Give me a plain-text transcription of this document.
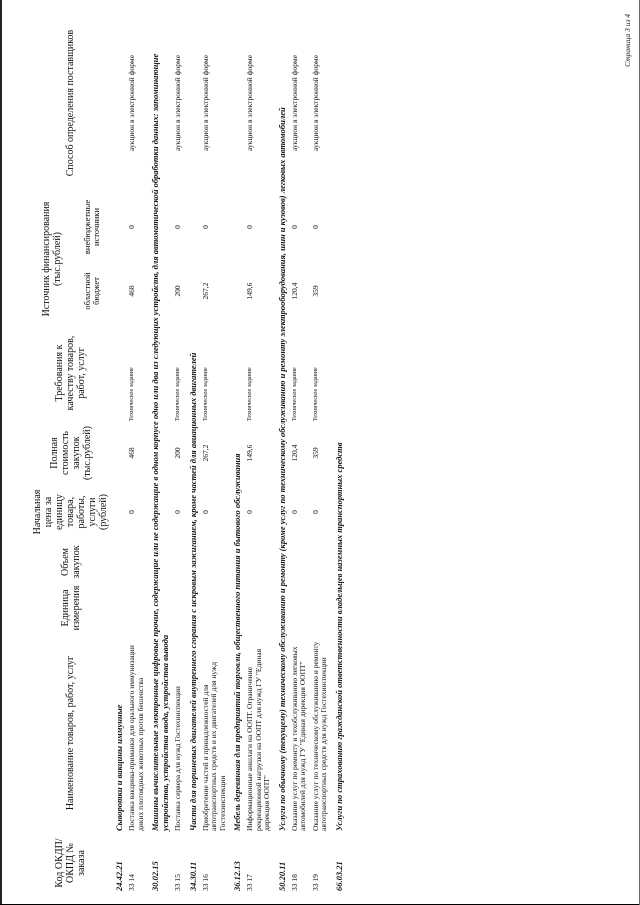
Код ОКДП/ ОКПД № заказа	Наименование товаров, работ, услуг	Единица измерения	Объем закупок	Начальная цена за единицу товара, работы, услуги (рублей)	Полная стоимость закупок (тыс.рублей)	Требования к качеству товаров, работ, услуг	Источник финансирования (тыс.рублей)		Способ определения поставщиков
							областной бюджет	внебюджетные источники	
24.42.21	Сыворотки и вакцины иммунные								
33 14	Поставка вакцины-приманки для орального иммунизации диких плотоядных животных против бешенства			0	468	Техническое задание	468	0	аукцион в электронной форме
30.02.15	Машины вычислительные электронные цифровые прочие, содержащие или не содержащие в одном корпусе одно или два из следующих устройств, для автоматической обработки данных: запоминающие устройства, устройства ввода, устройства вывода								
33 15	Поставка сервера для нужд Гостехинспекции			0	200	Техническое задание	200	0	аукцион в электронной форме
34.30.11	Части для поршневых двигателей внутреннего сгорания с искровым зажиганием, кроме частей для авиационных двигателей								
33 16	Приобретение частей и принадлежностей для автотранспортных средств и их двигателей для нужд Гостехинспекции			0	267,2	Техническое задание	267,2	0	аукцион в электронной форме
36.12.13	Мебель деревянная для предприятий торговли, общественного питания и бытового обслуживания								
33 17	Информационные аншлаги на ООПТ. Ограничение рекреационной нагрузки на ООПТ для нужд ГУ "Единая дирекция ООПТ"			0	149,6	Техническое задание	149,6	0	аукцион в электронной форме
50.20.11	Услуги по обычному (текущему) техническому обслуживанию и ремонту (кроме услуг по техническому обслуживанию и ремонту электрооборудования, шин и кузовов) легковых автомобилей								
33 18	Оказание услуг по ремонту и техобслуживанию легковых автомобилей для нужд ГУ "Единая дирекция ООПТ"			0	120,4	Техническое задание	120,4	0	аукцион в электронной форме
33 19	Оказание услуг по техническому обслуживанию и ремонту автотранспортных средств для нужд Гостехинспекции			0	359	Техническое задание	359	0	аукцион в электронной форме
66.03.21	Услуги по страхованию гражданской ответственности владельцев наземных транспортных средств								
Страница 3 из 4
